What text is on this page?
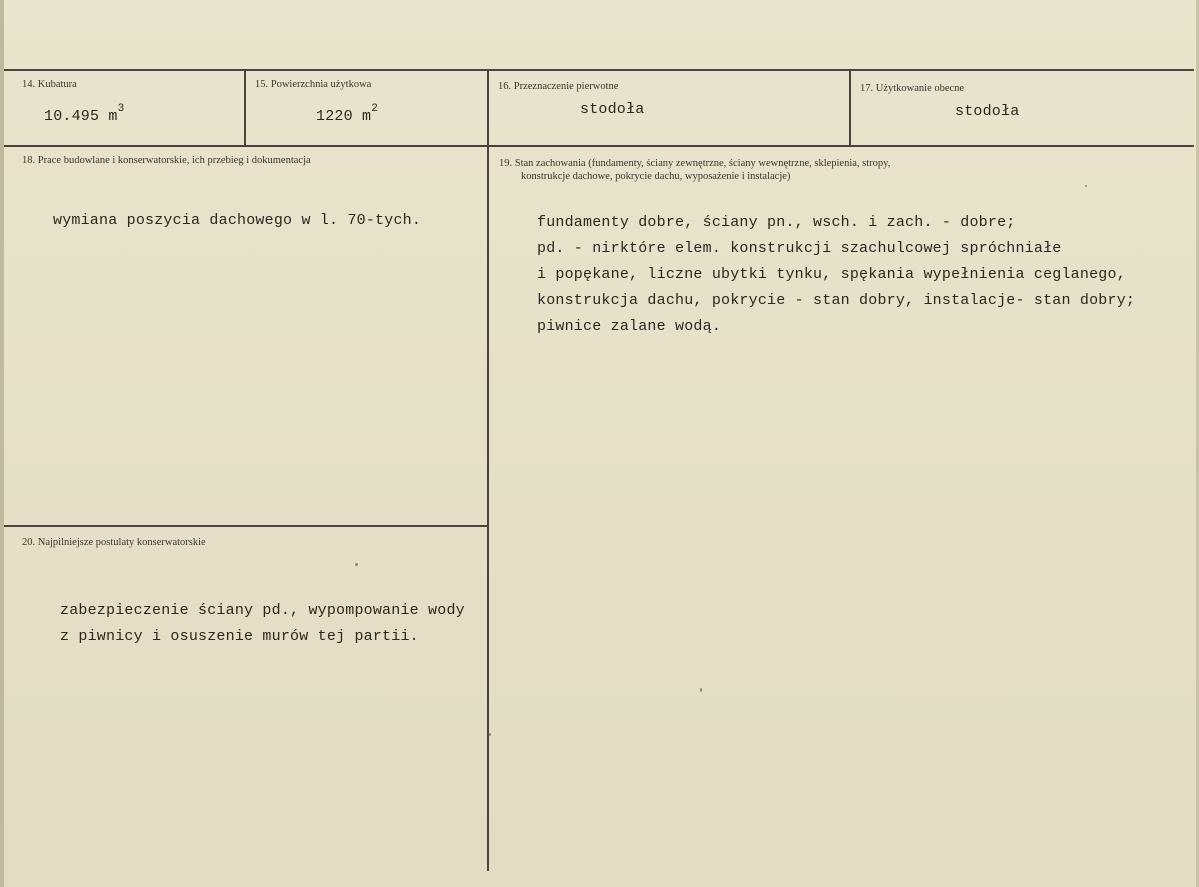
14. Kubatura
10.495 $m^3$
15. Powierzchnia użytkowa
1220 $m^2$
16. Przeznaczenie pierwotne
stodoła
17. Użytkowanie obecne
stodoła
18. Prace budowlane i konserwatorskie, ich przebieg i dokumentacja
wymiana poszycia dachowego w l. 70-tych.
19. Stan zachowania (fundamenty, ściany zewnętrzne, ściany wewnętrzne, sklepienia, stropy,
konstrukcje dachowe, pokrycie dachu, wyposażenie i instalacje)
fundamenty dobre, ściany pn., wsch. i zach. - dobre;
pd. - nirktóre elem. konstrukcji szachulcowej spróchniałe
i popękane, liczne ubytki tynku, spękania wypełnienia ceglanego,
konstrukcja dachu, pokrycie - stan dobry, instalacje- stan dobry;
piwnice zalane wodą.
20. Najpilniejsze postulaty konserwatorskie
zabezpieczenie ściany pd., wypompowanie wody
z piwnicy i osuszenie murów tej partii.
